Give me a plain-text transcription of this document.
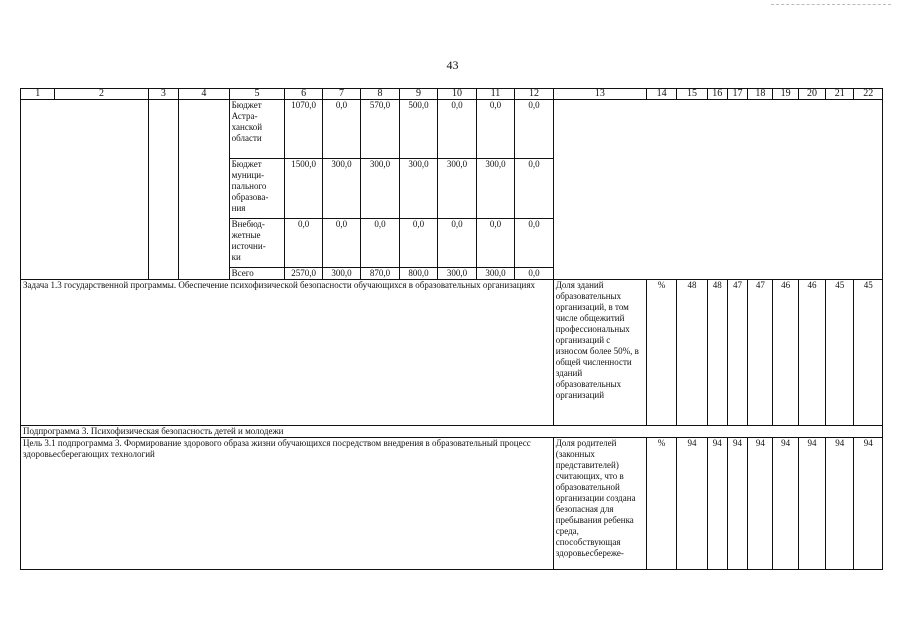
43
1	2	3	4	5	6	7	8	9	10	11	12	13	14	15	16	17	18	19	20	21	22
				Бюджет
Астра-
ханской
области	1070,0	0,0	570,0	500,0	0,0	0,0	0,0										
				Бюджет
муници-
пального
образова-
ния	1500,0	300,0	300,0	300,0	300,0	300,0	0,0										
				Внебюд-
жетные
источни-
ки	0,0	0,0	0,0	0,0	0,0	0,0	0,0										
				Всего	2570,0	300,0	870,0	800,0	300,0	300,0	0,0										
Задача 1.3 государственной программы. Обеспечение психофизической безопасности обучающихся в образовательных организациях												Доля зданий образовательных организаций, в том числе общежитий профессиональных организаций с износом более 50%, в общей численности зданий образовательных организаций	%	48	48	47	47	46	46	45	45
Подпрограмма 3. Психофизическая безопасность детей и молодежи																					
Цель 3.1 подпрограмма 3. Формирование здорового образа жизни обучающихся посредством внедрения в образовательный процесс здоровьесберегающих технологий												Доля родителей (законных представителей) считающих, что в образовательной организации создана безопасная для пребывания ребенка среда, способствующая здоровьесбереже-	%	94	94	94	94	94	94	94	94
